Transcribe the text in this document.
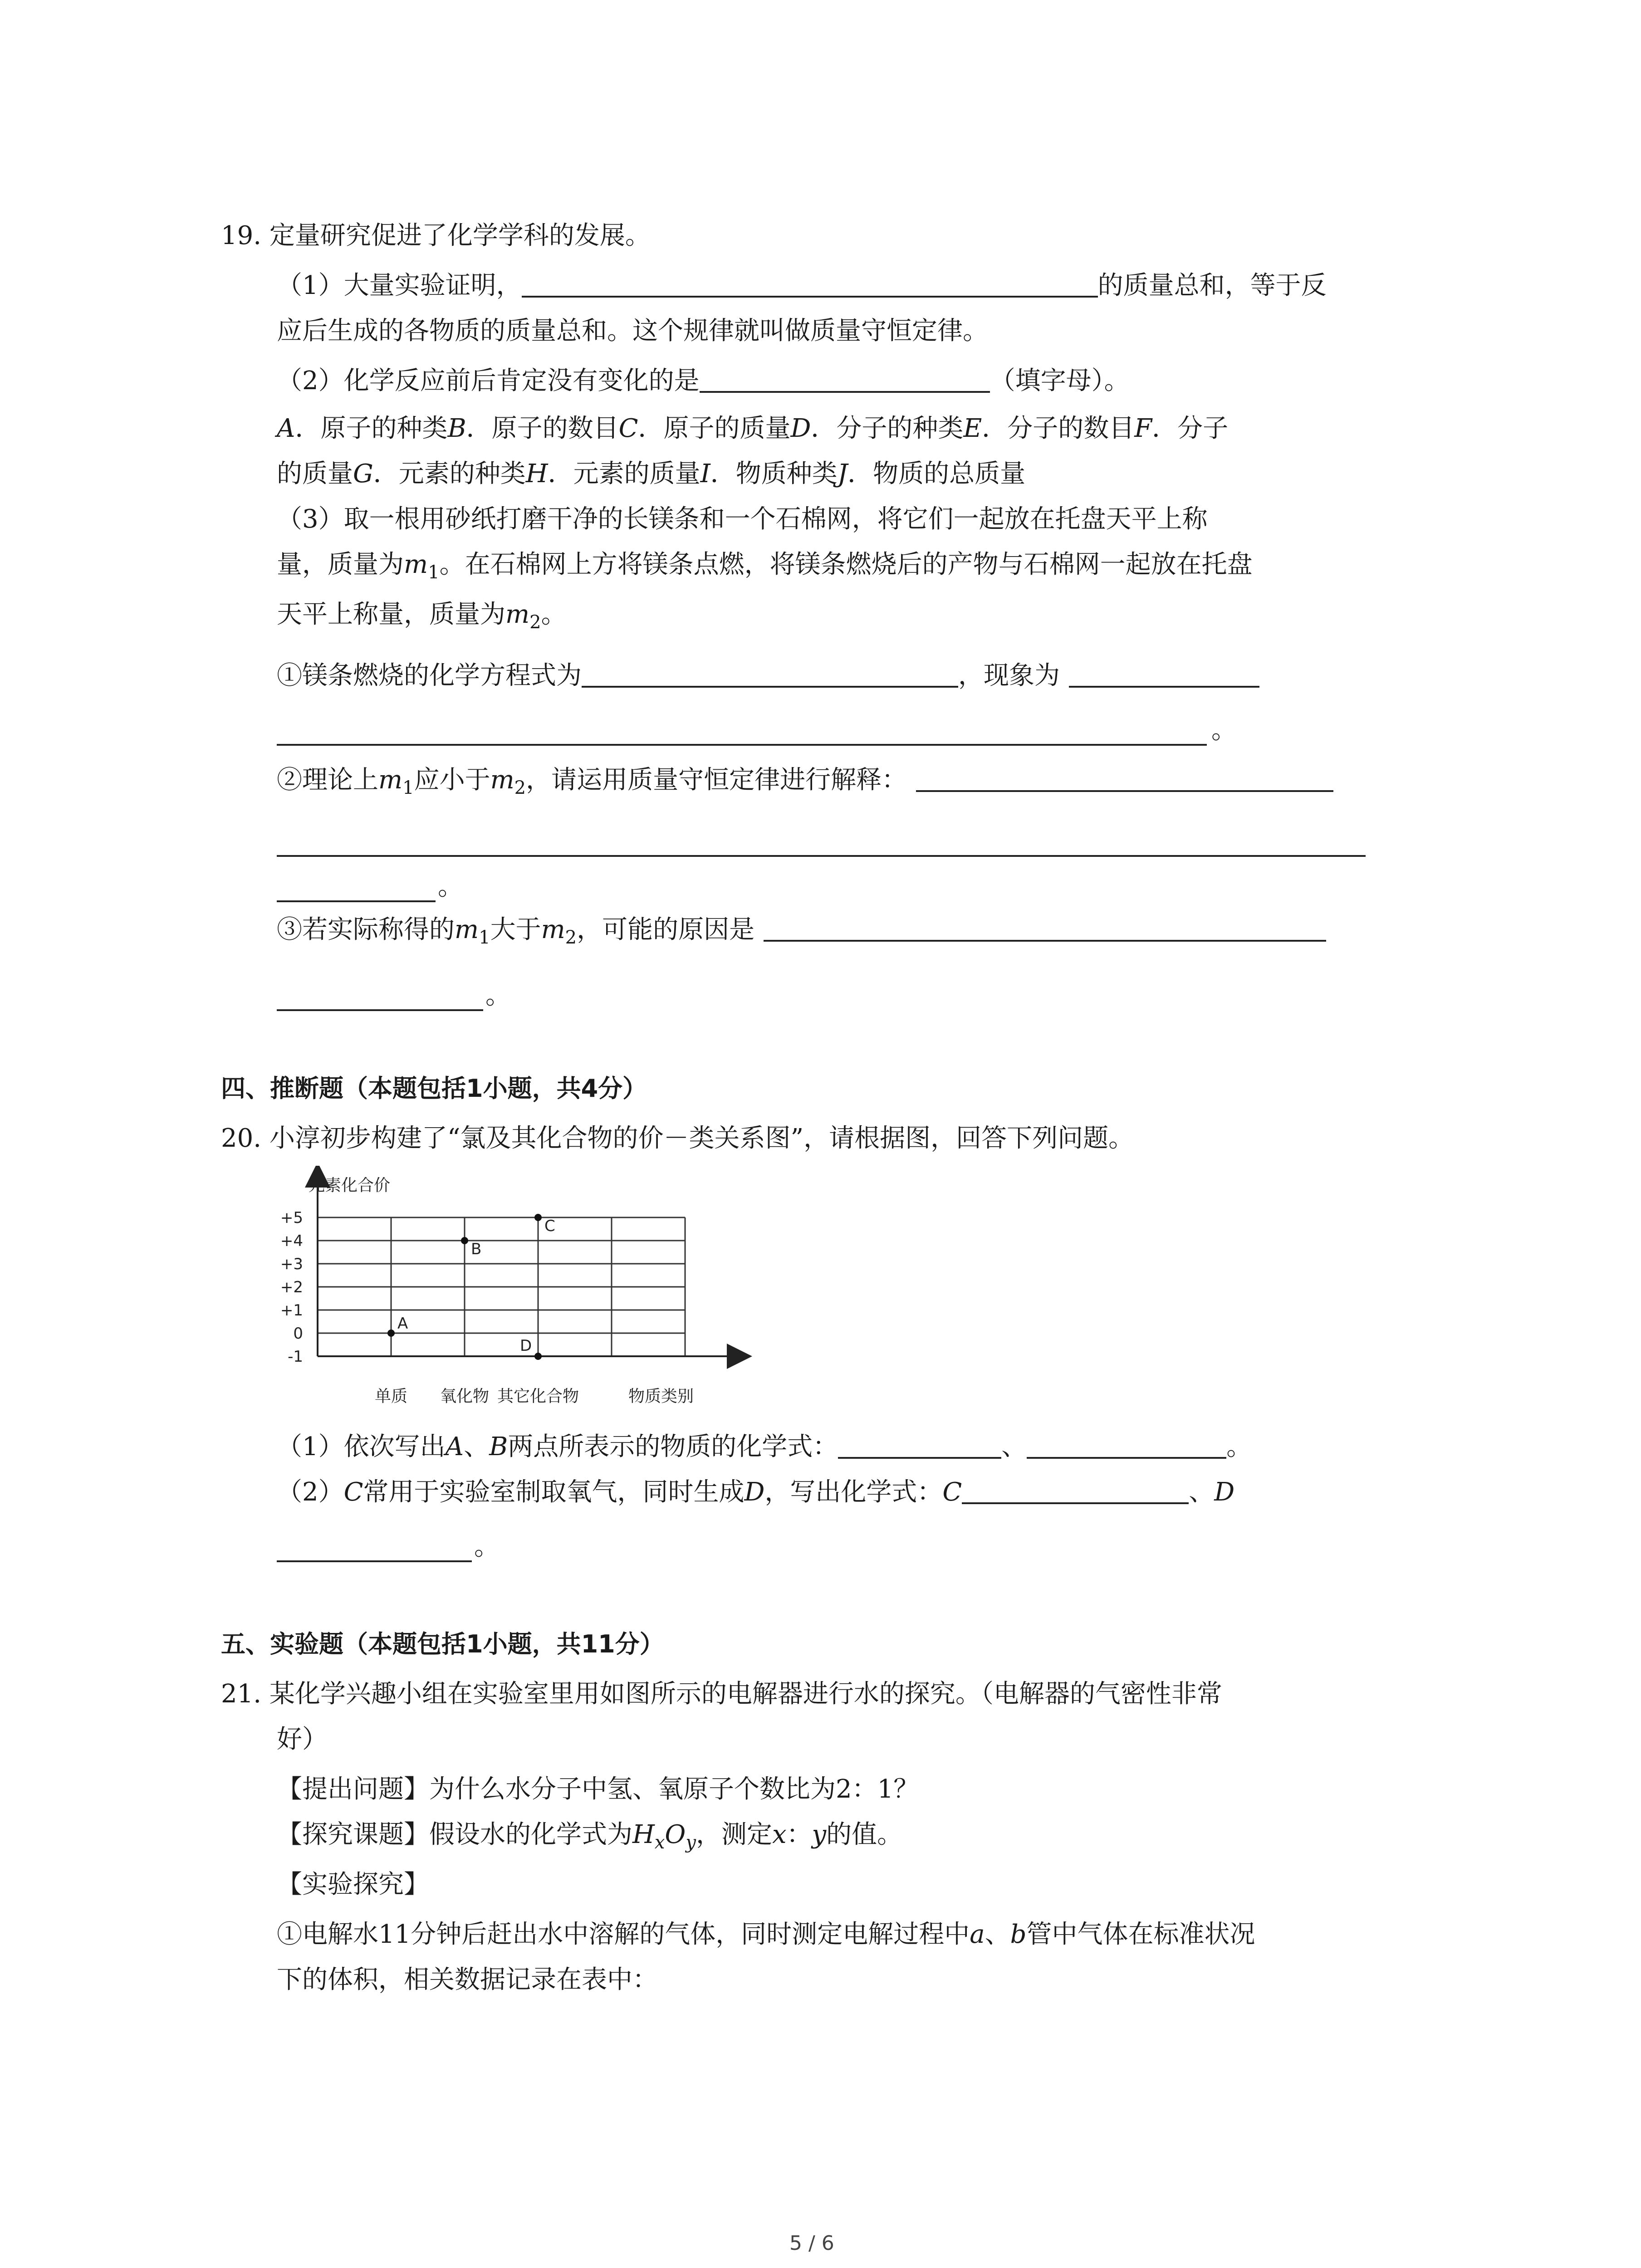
19. 定量研究促进了化学学科的发展。
（1）大量实验证明，	的质量总和，等于反
应后生成的各物质的质量总和。这个规律就叫做质量守恒定律。
（2）化学反应前后肯定没有变化的是	（填字母）。
A．原子的种类B．原子的数目C．原子的质量D．分子的种类E．分子的数目F．分子
的质量G．元素的种类H．元素的质量I．物质种类J．物质的总质量
（3）取一根用砂纸打磨干净的长镁条和一个石棉网，将它们一起放在托盘天平上称
量，质量为$m_1$。在石棉网上方将镁条点燃，将镁条燃烧后的产物与石棉网一起放在托盘
天平上称量，质量为$m_2$。
①镁条燃烧的化学方程式为	，现象为
。
②理论上$m_1$应小于$m_2$，请运用质量守恒定律进行解释：
。
③若实际称得的$m_1$大于$m_2$，可能的原因是
。
四、推断题（本题包括1小题，共4分）
20. 小淳初步构建了“氯及其化合物的价－类关系图”，请根据图，回答下列问题。
元素化合价
物质类别
+5
+4
+3
+2
+1
0
-1
单质 氧化物 其它化合物
A
B
C
D
（1）依次写出A、B两点所表示的物质的化学式：	、	。
（2）C常用于实验室制取氧气，同时生成D，写出化学式：C	、D
。
五、实验题（本题包括1小题，共11分）
21. 某化学兴趣小组在实验室里用如图所示的电解器进行水的探究。（电解器的气密性非常
好）
【提出问题】为什么水分子中氢、氧原子个数比为2：1？
【探究课题】假设水的化学式为$H_xO_y$，测定x：y的值。
【实验探究】
①电解水11分钟后赶出水中溶解的气体，同时测定电解过程中a、b管中气体在标准状况
下的体积，相关数据记录在表中：
5 / 6
